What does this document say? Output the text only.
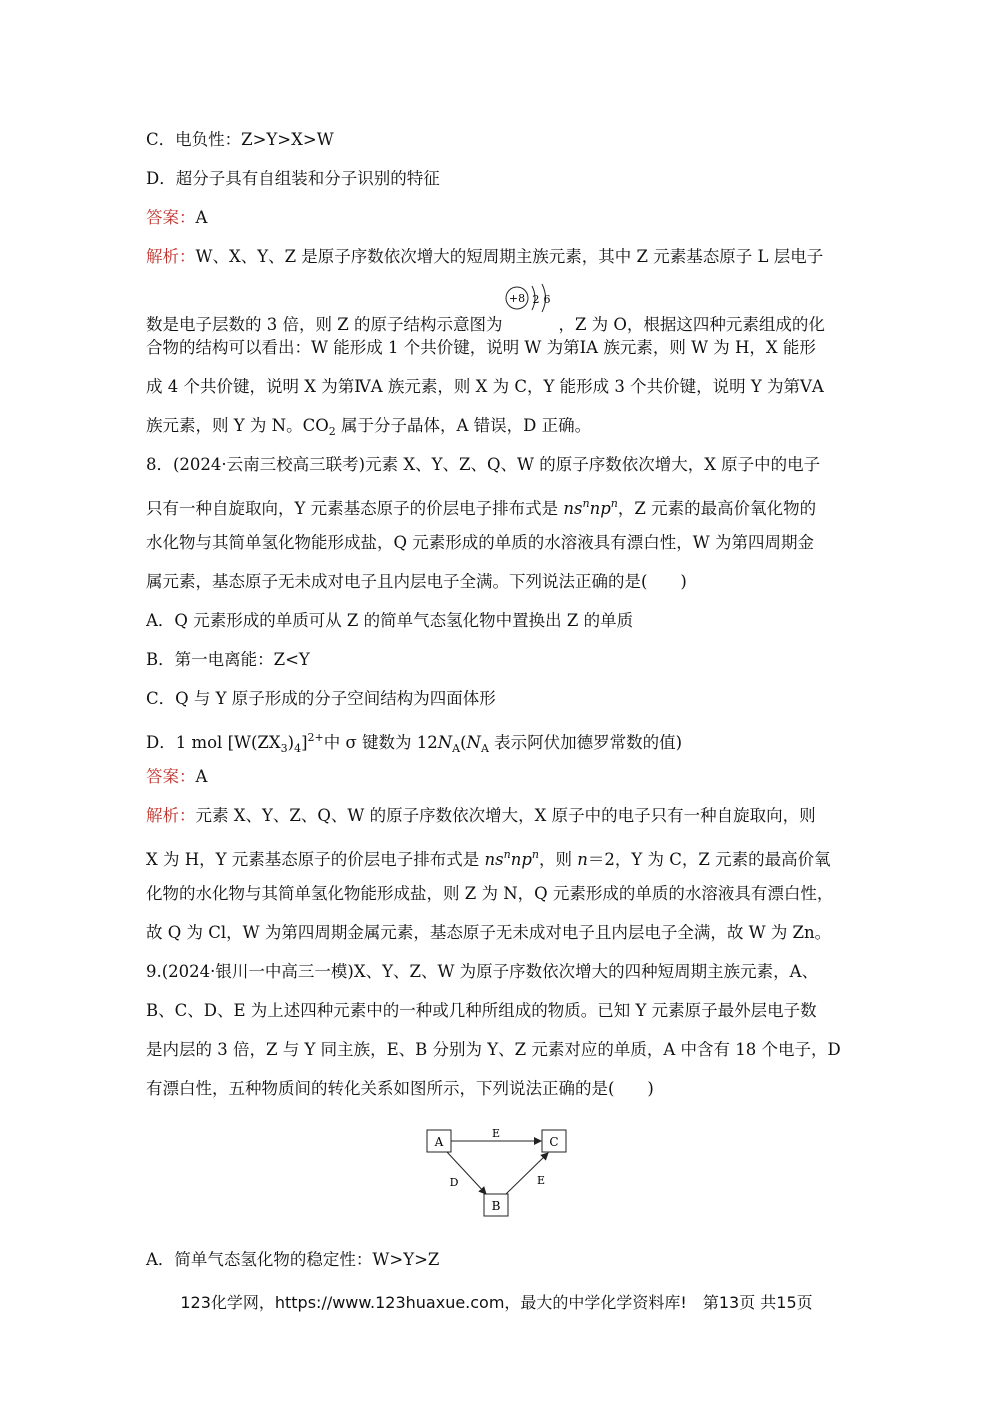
C．电负性：Z>Y>X>W
D．超分子具有自组装和分子识别的特征
答案：A
解析：W、X、Y、Z 是原子序数依次增大的短周期主族元素，其中 Z 元素基态原子 L 层电子
数是电子层数的 3 倍，则 Z 的原子结构示意图为
+8 2 6
，Z 为 O，根据这四种元素组成的化
合物的结构可以看出：W 能形成 1 个共价键，说明 W 为第ⅠA 族元素，则 W 为 H，X 能形
成 4 个共价键，说明 X 为第ⅣA 族元素，则 X 为 C，Y 能形成 3 个共价键，说明 Y 为第ⅤA
族元素，则 Y 为 N。$CO_2$ 属于分子晶体，A 错误，D 正确。
8．(2024·云南三校高三联考)元素 X、Y、Z、Q、W 的原子序数依次增大，X 原子中的电子
只有一种自旋取向，Y 元素基态原子的价层电子排布式是 $ns^nnp^n$，Z 元素的最高价氧化物的
水化物与其简单氢化物能形成盐，Q 元素形成的单质的水溶液具有漂白性，W 为第四周期金
属元素，基态原子无未成对电子且内层电子全满。下列说法正确的是(　　)
A．Q 元素形成的单质可从 Z 的简单气态氢化物中置换出 Z 的单质
B．第一电离能：Z<Y
C．Q 与 Y 原子形成的分子空间结构为四面体形
D．1 mol $[W(ZX_3)_4]^{2+}$中 σ 键数为 $12N_A(N_A$ 表示阿伏加德罗常数的值)
答案：A
解析：元素 X、Y、Z、Q、W 的原子序数依次增大，X 原子中的电子只有一种自旋取向，则
X 为 H，Y 元素基态原子的价层电子排布式是 $ns^nnp^n$，则 n＝2，Y 为 C，Z 元素的最高价氧
化物的水化物与其简单氢化物能形成盐，则 Z 为 N，Q 元素形成的单质的水溶液具有漂白性，
故 Q 为 Cl，W 为第四周期金属元素，基态原子无未成对电子且内层电子全满，故 W 为 Zn。
9.(2024·银川一中高三一模)X、Y、Z、W 为原子序数依次增大的四种短周期主族元素，A、
B、C、D、E 为上述四种元素中的一种或几种所组成的物质。已知 Y 元素原子最外层电子数
是内层的 3 倍，Z 与 Y 同主族，E、B 分别为 Y、Z 元素对应的单质，A 中含有 18 个电子，D
有漂白性，五种物质间的转化关系如图所示，下列说法正确的是(　　)
A	C
B
E
D	E
A．简单气态氢化物的稳定性：W>Y>Z
123化学网，https://www.123huaxue.com，最大的中学化学资料库!　第13页 共15页
